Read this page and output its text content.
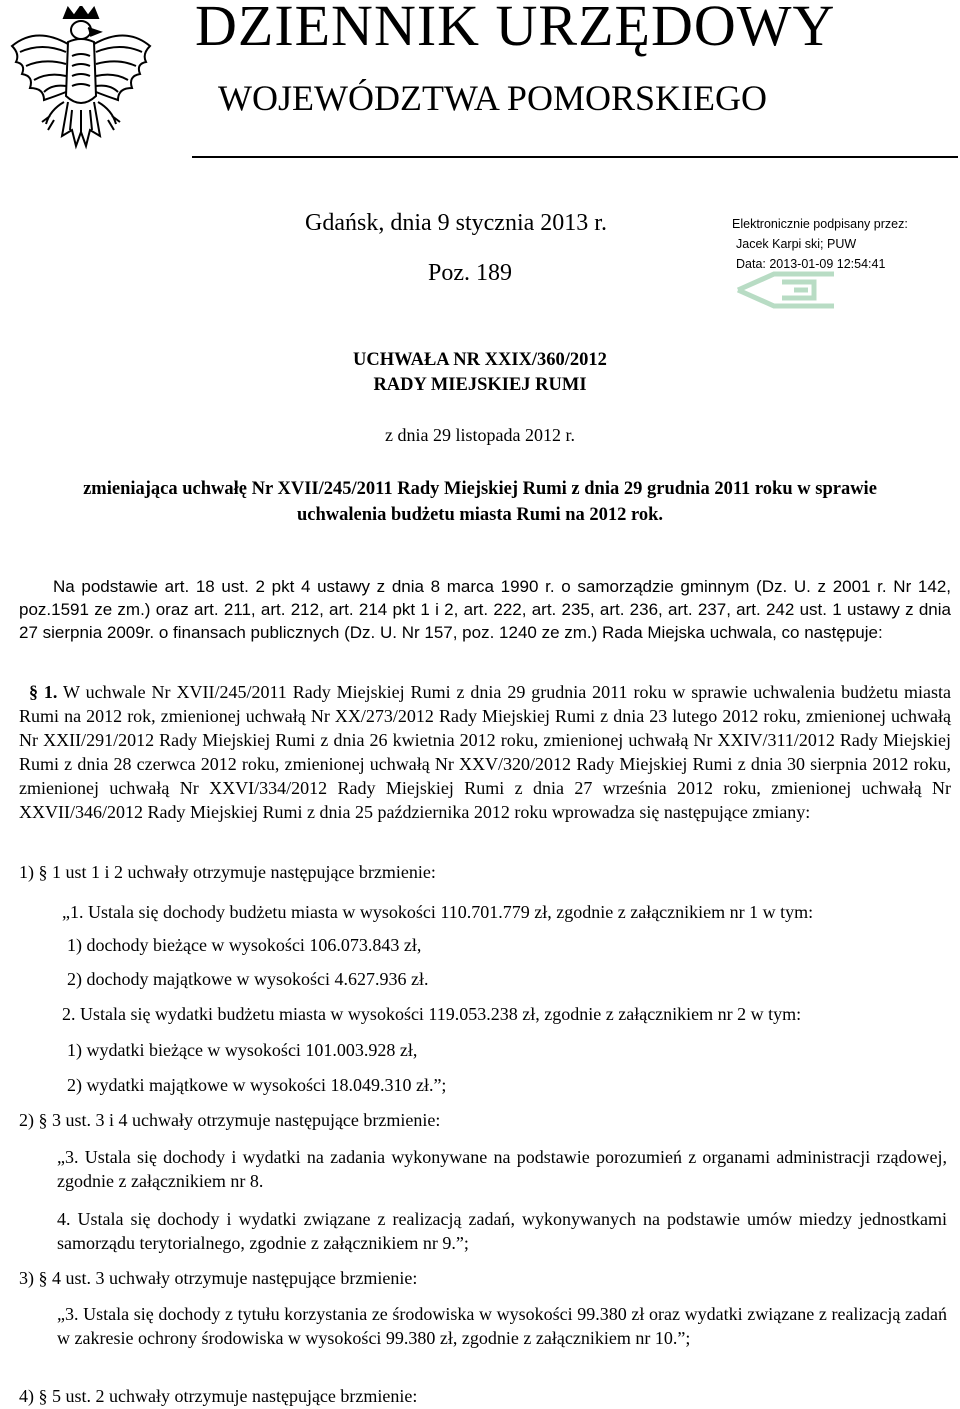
DZIENNIK URZĘDOWY
WOJEWÓDZTWA POMORSKIEGO
Gdańsk, dnia 9 stycznia 2013 r.
Poz. 189
Elektronicznie podpisany przez:
Jacek Karpi ski; PUW
Data: 2013-01-09 12:54:41
UCHWAŁA NR XXIX/360/2012
RADY MIEJSKIEJ RUMI
z dnia 29 listopada 2012 r.
zmieniająca uchwałę Nr XVII/245/2011 Rady Miejskiej Rumi z dnia 29 grudnia 2011 roku w sprawie
uchwalenia budżetu miasta Rumi na 2012 rok.
Na podstawie art. 18 ust. 2 pkt 4 ustawy z dnia 8 marca 1990 r. o samorządzie gminnym (Dz. U. z 2001 r. Nr 142, poz.1591 ze zm.) oraz art. 211, art. 212, art. 214 pkt 1 i 2, art. 222, art. 235, art. 236, art. 237, art. 242 ust. 1 ustawy z dnia 27 sierpnia 2009r. o finansach publicznych (Dz. U. Nr 157, poz. 1240 ze zm.) Rada Miejska uchwala, co następuje:
§ 1. W uchwale Nr XVII/245/2011 Rady Miejskiej Rumi z dnia 29 grudnia 2011 roku w sprawie uchwalenia budżetu miasta Rumi na 2012 rok, zmienionej uchwałą Nr XX/273/2012 Rady Miejskiej Rumi z dnia 23 lutego 2012 roku, zmienionej uchwałą Nr XXII/291/2012 Rady Miejskiej Rumi z dnia 26 kwietnia 2012 roku, zmienionej uchwałą Nr XXIV/311/2012 Rady Miejskiej Rumi z dnia 28 czerwca 2012 roku, zmienionej uchwałą Nr XXV/320/2012 Rady Miejskiej Rumi z dnia 30 sierpnia 2012 roku, zmienionej uchwałą Nr XXVI/334/2012 Rady Miejskiej Rumi z dnia 27 września 2012 roku, zmienionej uchwałą Nr XXVII/346/2012 Rady Miejskiej Rumi z dnia 25 października 2012 roku wprowadza się następujące zmiany:
1) § 1 ust 1 i 2 uchwały otrzymuje następujące brzmienie:
„1. Ustala się dochody budżetu miasta w wysokości 110.701.779 zł, zgodnie z załącznikiem nr 1 w tym:
1) dochody bieżące w wysokości 106.073.843 zł,
2) dochody majątkowe w wysokości 4.627.936 zł.
2. Ustala się wydatki budżetu miasta w wysokości 119.053.238 zł, zgodnie z załącznikiem nr 2 w tym:
1) wydatki bieżące w wysokości 101.003.928 zł,
2) wydatki majątkowe w wysokości 18.049.310 zł.”;
2) § 3 ust. 3 i 4 uchwały otrzymuje następujące brzmienie:
„3. Ustala się dochody i wydatki na zadania wykonywane na podstawie porozumień z organami administracji rządowej, zgodnie z załącznikiem nr 8.
4. Ustala się dochody i wydatki związane z realizacją zadań, wykonywanych na podstawie umów miedzy jednostkami samorządu terytorialnego, zgodnie z załącznikiem nr 9.”;
3) § 4 ust. 3 uchwały otrzymuje następujące brzmienie:
„3. Ustala się dochody z tytułu korzystania ze środowiska w wysokości 99.380 zł oraz wydatki związane z realizacją zadań w zakresie ochrony środowiska w wysokości 99.380 zł, zgodnie z załącznikiem nr 10.”;
4) § 5 ust. 2 uchwały otrzymuje następujące brzmienie:
